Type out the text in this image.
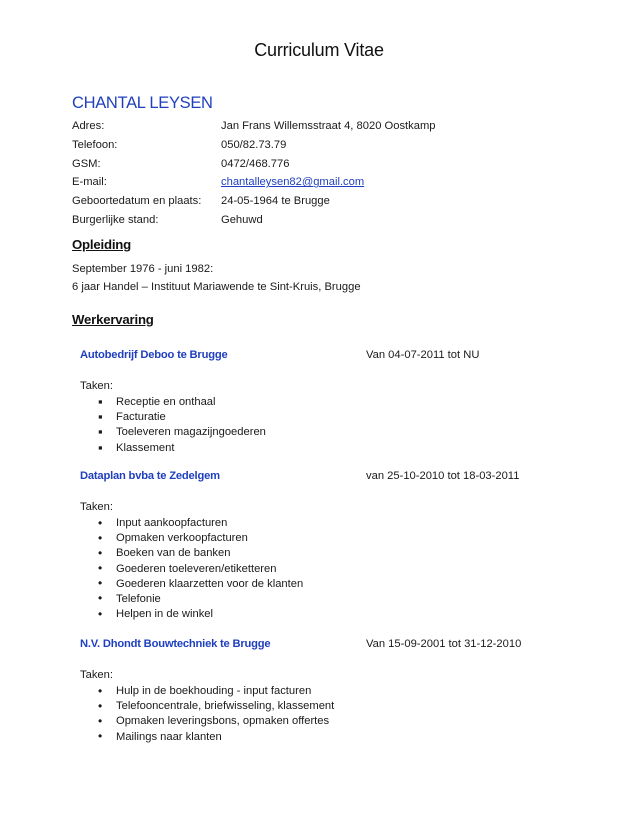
Curriculum Vitae
CHANTAL LEYSEN
Adres:	Jan Frans Willemsstraat 4, 8020 Oostkamp
Telefoon:	050/82.73.79
GSM:	0472/468.776
E-mail:	chantalleysen82@gmail.com
Geboortedatum en plaats:	24-05-1964 te Brugge
Burgerlijke stand:	Gehuwd
Opleiding
September 1976 - juni 1982:
6 jaar Handel – Instituut Mariawende te Sint-Kruis, Brugge
Werkervaring
Autobedrijf Deboo te Brugge	Van 04-07-2011 tot NU
Taken:
▪
Receptie en onthaal
▪
Facturatie
▪
Toeleveren magazijngoederen
▪
Klassement
Dataplan bvba te Zedelgem	van 25-10-2010 tot 18-03-2011
Taken:
•
Input aankoopfacturen
•
Opmaken verkoopfacturen
•
Boeken van de banken
•
Goederen toeleveren/etiketteren
•
Goederen klaarzetten voor de klanten
•
Telefonie
•
Helpen in de winkel
N.V. Dhondt Bouwtechniek te Brugge	Van 15-09-2001 tot 31-12-2010
Taken:
•
Hulp in de boekhouding - input facturen
•
Telefooncentrale, briefwisseling, klassement
•
Opmaken leveringsbons, opmaken offertes
•
Mailings naar klanten
